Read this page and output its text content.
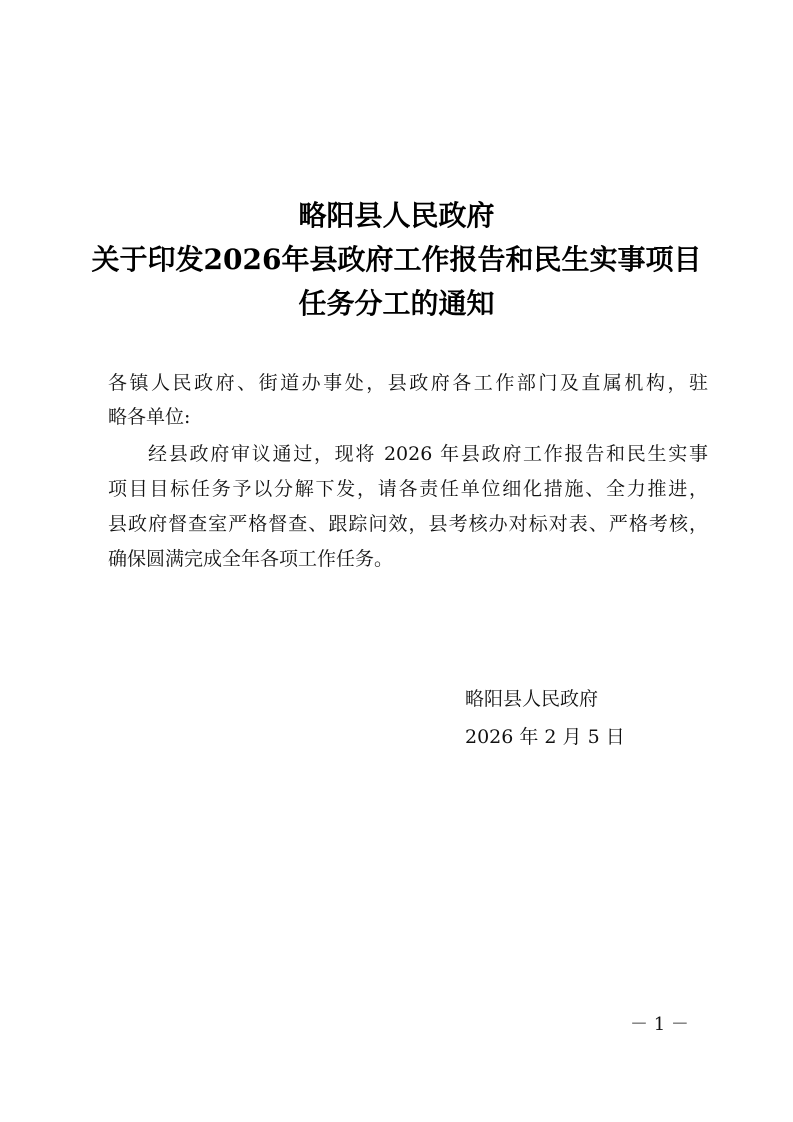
略阳县人民政府
关于印发2026年县政府工作报告和民生实事项目
任务分工的通知
各镇人民政府、街道办事处，县政府各工作部门及直属机构，驻
略各单位:
经县政府审议通过，现将 2026 年县政府工作报告和民生实事
项目目标任务予以分解下发，请各责任单位细化措施、全力推进，
县政府督查室严格督查、跟踪问效，县考核办对标对表、严格考核，
确保圆满完成全年各项工作任务。
略阳县人民政府
2026 年 2 月 5 日
－ 1 －
